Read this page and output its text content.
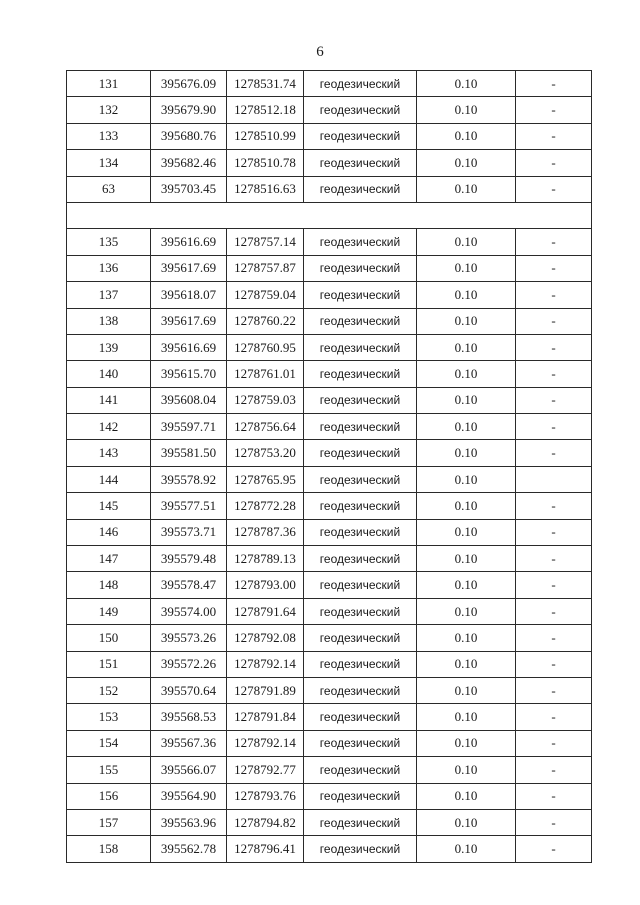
6
131	395676.09	1278531.74	геодезический	0.10	-
132	395679.90	1278512.18	геодезический	0.10	-
133	395680.76	1278510.99	геодезический	0.10	-
134	395682.46	1278510.78	геодезический	0.10	-
63	395703.45	1278516.63	геодезический	0.10	-

135	395616.69	1278757.14	геодезический	0.10	-
136	395617.69	1278757.87	геодезический	0.10	-
137	395618.07	1278759.04	геодезический	0.10	-
138	395617.69	1278760.22	геодезический	0.10	-
139	395616.69	1278760.95	геодезический	0.10	-
140	395615.70	1278761.01	геодезический	0.10	-
141	395608.04	1278759.03	геодезический	0.10	-
142	395597.71	1278756.64	геодезический	0.10	-
143	395581.50	1278753.20	геодезический	0.10	-
144	395578.92	1278765.95	геодезический	0.10	
145	395577.51	1278772.28	геодезический	0.10	-
146	395573.71	1278787.36	геодезический	0.10	-
147	395579.48	1278789.13	геодезический	0.10	-
148	395578.47	1278793.00	геодезический	0.10	-
149	395574.00	1278791.64	геодезический	0.10	-
150	395573.26	1278792.08	геодезический	0.10	-
151	395572.26	1278792.14	геодезический	0.10	-
152	395570.64	1278791.89	геодезический	0.10	-
153	395568.53	1278791.84	геодезический	0.10	-
154	395567.36	1278792.14	геодезический	0.10	-
155	395566.07	1278792.77	геодезический	0.10	-
156	395564.90	1278793.76	геодезический	0.10	-
157	395563.96	1278794.82	геодезический	0.10	-
158	395562.78	1278796.41	геодезический	0.10	-
